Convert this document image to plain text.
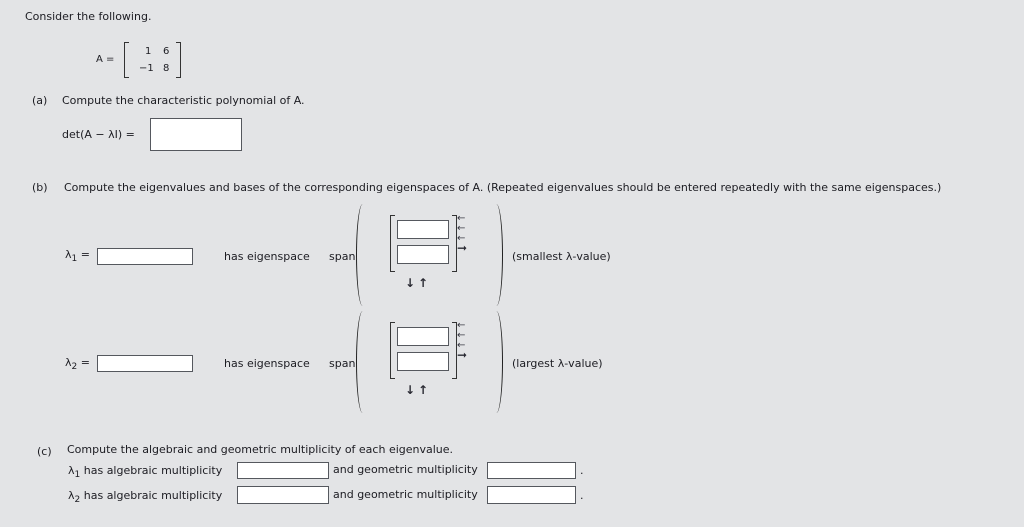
Consider the following.
A =
1 6
−1 8
(a) Compute the characteristic polynomial of A.
det(A − λI) =
(b) Compute the eigenvalues and bases of the corresponding eigenspaces of A. (Repeated eigenvalues should be entered repeatedly with the same eigenspaces.)
$\lambda_1$ =	has eigenspace span
←
←
←
➞
↓ ↑
(smallest λ-value)
$\lambda_2$ =	has eigenspace span
←
←
←
➞
↓ ↑
(largest λ-value)
(c) Compute the algebraic and geometric multiplicity of each eigenvalue.
$\lambda_1$ has algebraic multiplicity	and geometric multiplicity	.
$\lambda_2$ has algebraic multiplicity	and geometric multiplicity	.
